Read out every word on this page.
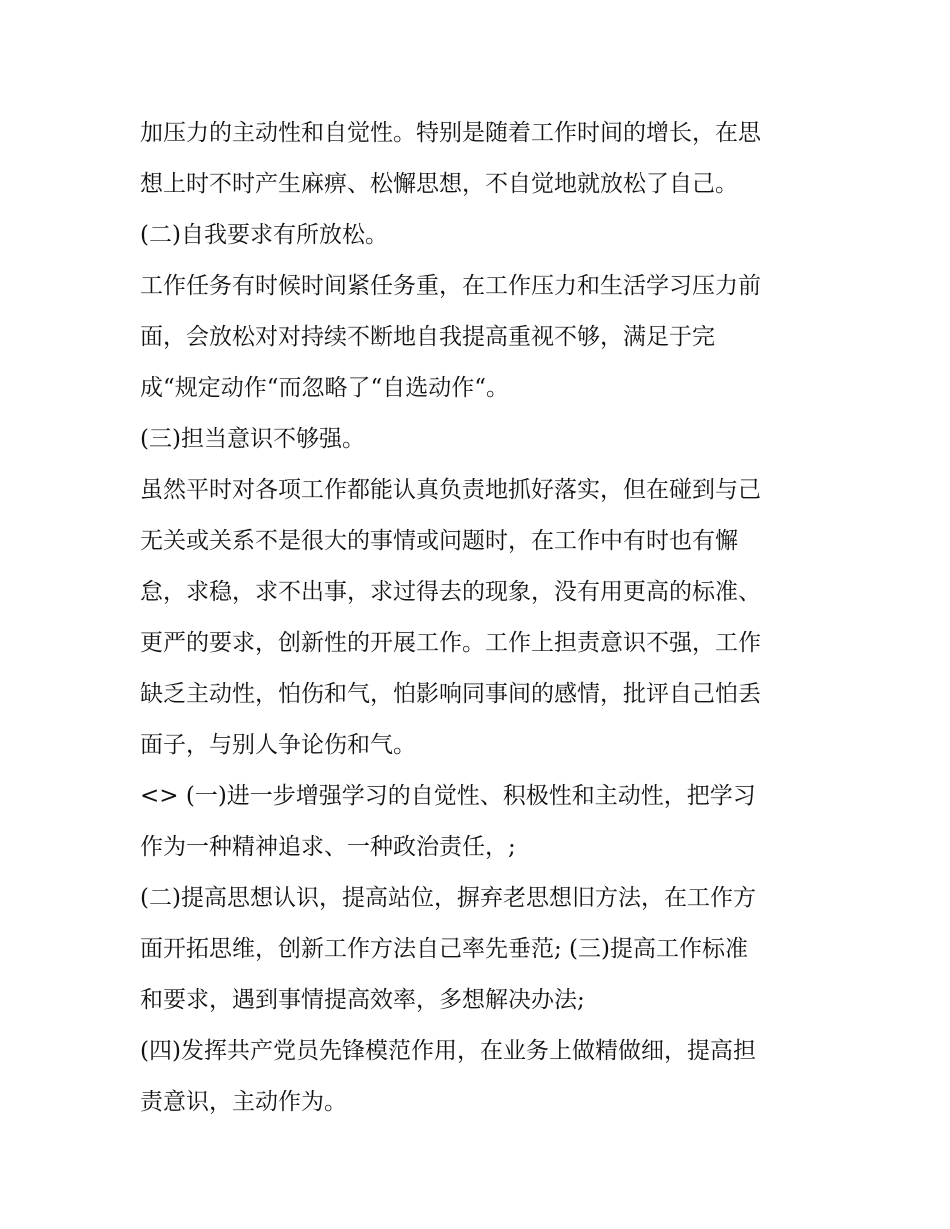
加压力的主动性和自觉性。特别是随着工作时间的增长，在思
想上时不时产生麻痹、松懈思想，不自觉地就放松了自己。
(二)自我要求有所放松。
工作任务有时候时间紧任务重，在工作压力和生活学习压力前
面，会放松对对持续不断地自我提高重视不够，满足于完
成“规定动作“而忽略了“自选动作“。
(三)担当意识不够强。
虽然平时对各项工作都能认真负责地抓好落实，但在碰到与己
无关或关系不是很大的事情或问题时，在工作中有时也有懈
怠，求稳，求不出事，求过得去的现象，没有用更高的标准、
更严的要求，创新性的开展工作。工作上担责意识不强，工作
缺乏主动性，怕伤和气，怕影响同事间的感情，批评自己怕丢
面子，与别人争论伤和气。
<> (一)进一步增强学习的自觉性、积极性和主动性，把学习
作为一种精神追求、一种政治责任，;
(二)提高思想认识，提高站位，摒弃老思想旧方法，在工作方
面开拓思维，创新工作方法自己率先垂范; (三)提高工作标准
和要求，遇到事情提高效率，多想解决办法;
(四)发挥共产党员先锋模范作用，在业务上做精做细，提高担
责意识，主动作为。
